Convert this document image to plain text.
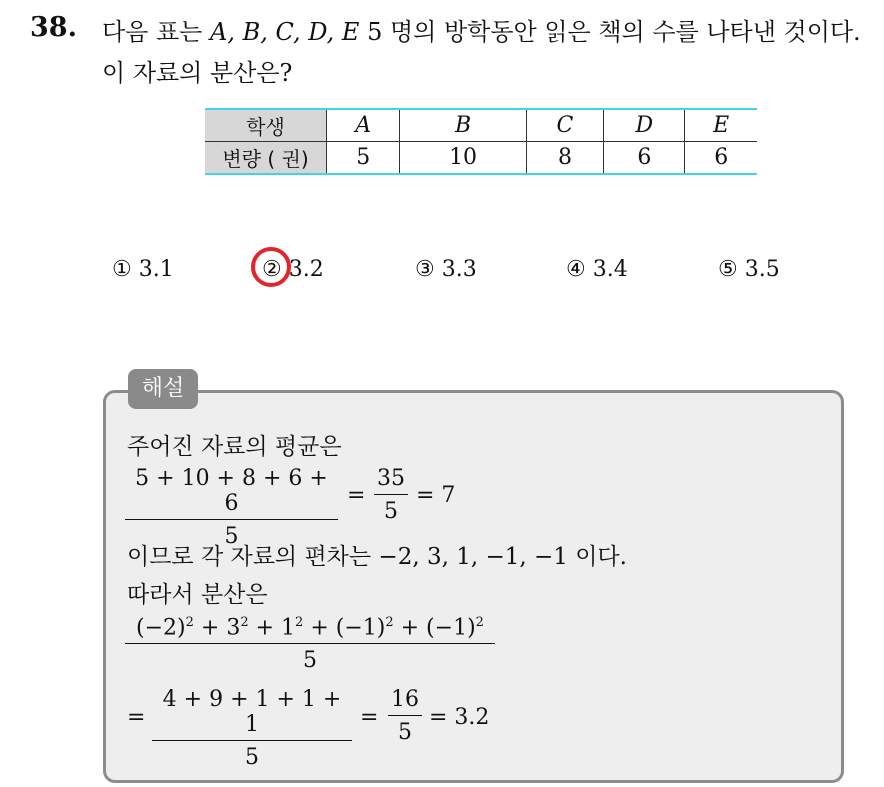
38. 다음 표는 A, B, C, D, E 5 명의 방학동안 읽은 책의 수를 나타낸 것이다.
이 자료의 분산은?
학생	A	B	C	D	E
변량 ( 권)	5	10	8	6	6
① 3.1	② 3.2	③ 3.3	④ 3.4	⑤ 3.5
해설
주어진 자료의 평균은
$\frac{5 + 10 + 8 + 6 + 6}{5} = \frac{35}{5} = 7$
이므로 각 자료의 편차는 −2, 3, 1, −1, −1 이다.
따라서 분산은
$\frac{(-2)^2 + 3^2 + 1^2 + (-1)^2 + (-1)^2}{5}$
= $\frac{4 + 9 + 1 + 1 + 1}{5} = \frac{16}{5} = 3.2$
